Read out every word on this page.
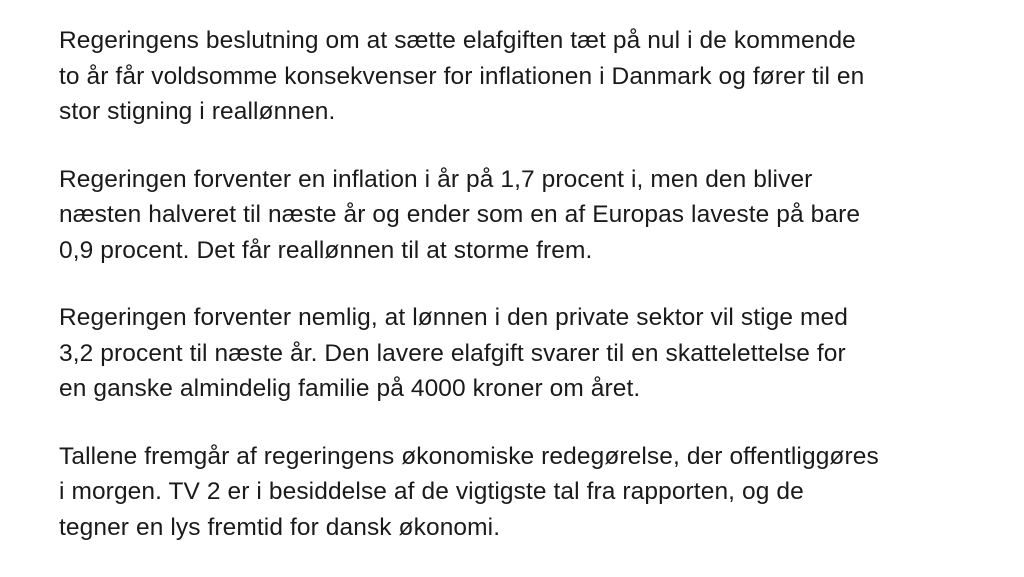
Regeringens beslutning om at sætte elafgiften tæt på nul i de kommende
to år får voldsomme konsekvenser for inflationen i Danmark og fører til en
stor stigning i reallønnen.

Regeringen forventer en inflation i år på 1,7 procent i, men den bliver
næsten halveret til næste år og ender som en af Europas laveste på bare
0,9 procent. Det får reallønnen til at storme frem.

Regeringen forventer nemlig, at lønnen i den private sektor vil stige med
3,2 procent til næste år. Den lavere elafgift svarer til en skattelettelse for
en ganske almindelig familie på 4000 kroner om året.

Tallene fremgår af regeringens økonomiske redegørelse, der offentliggøres
i morgen. TV 2 er i besiddelse af de vigtigste tal fra rapporten, og de
tegner en lys fremtid for dansk økonomi.
